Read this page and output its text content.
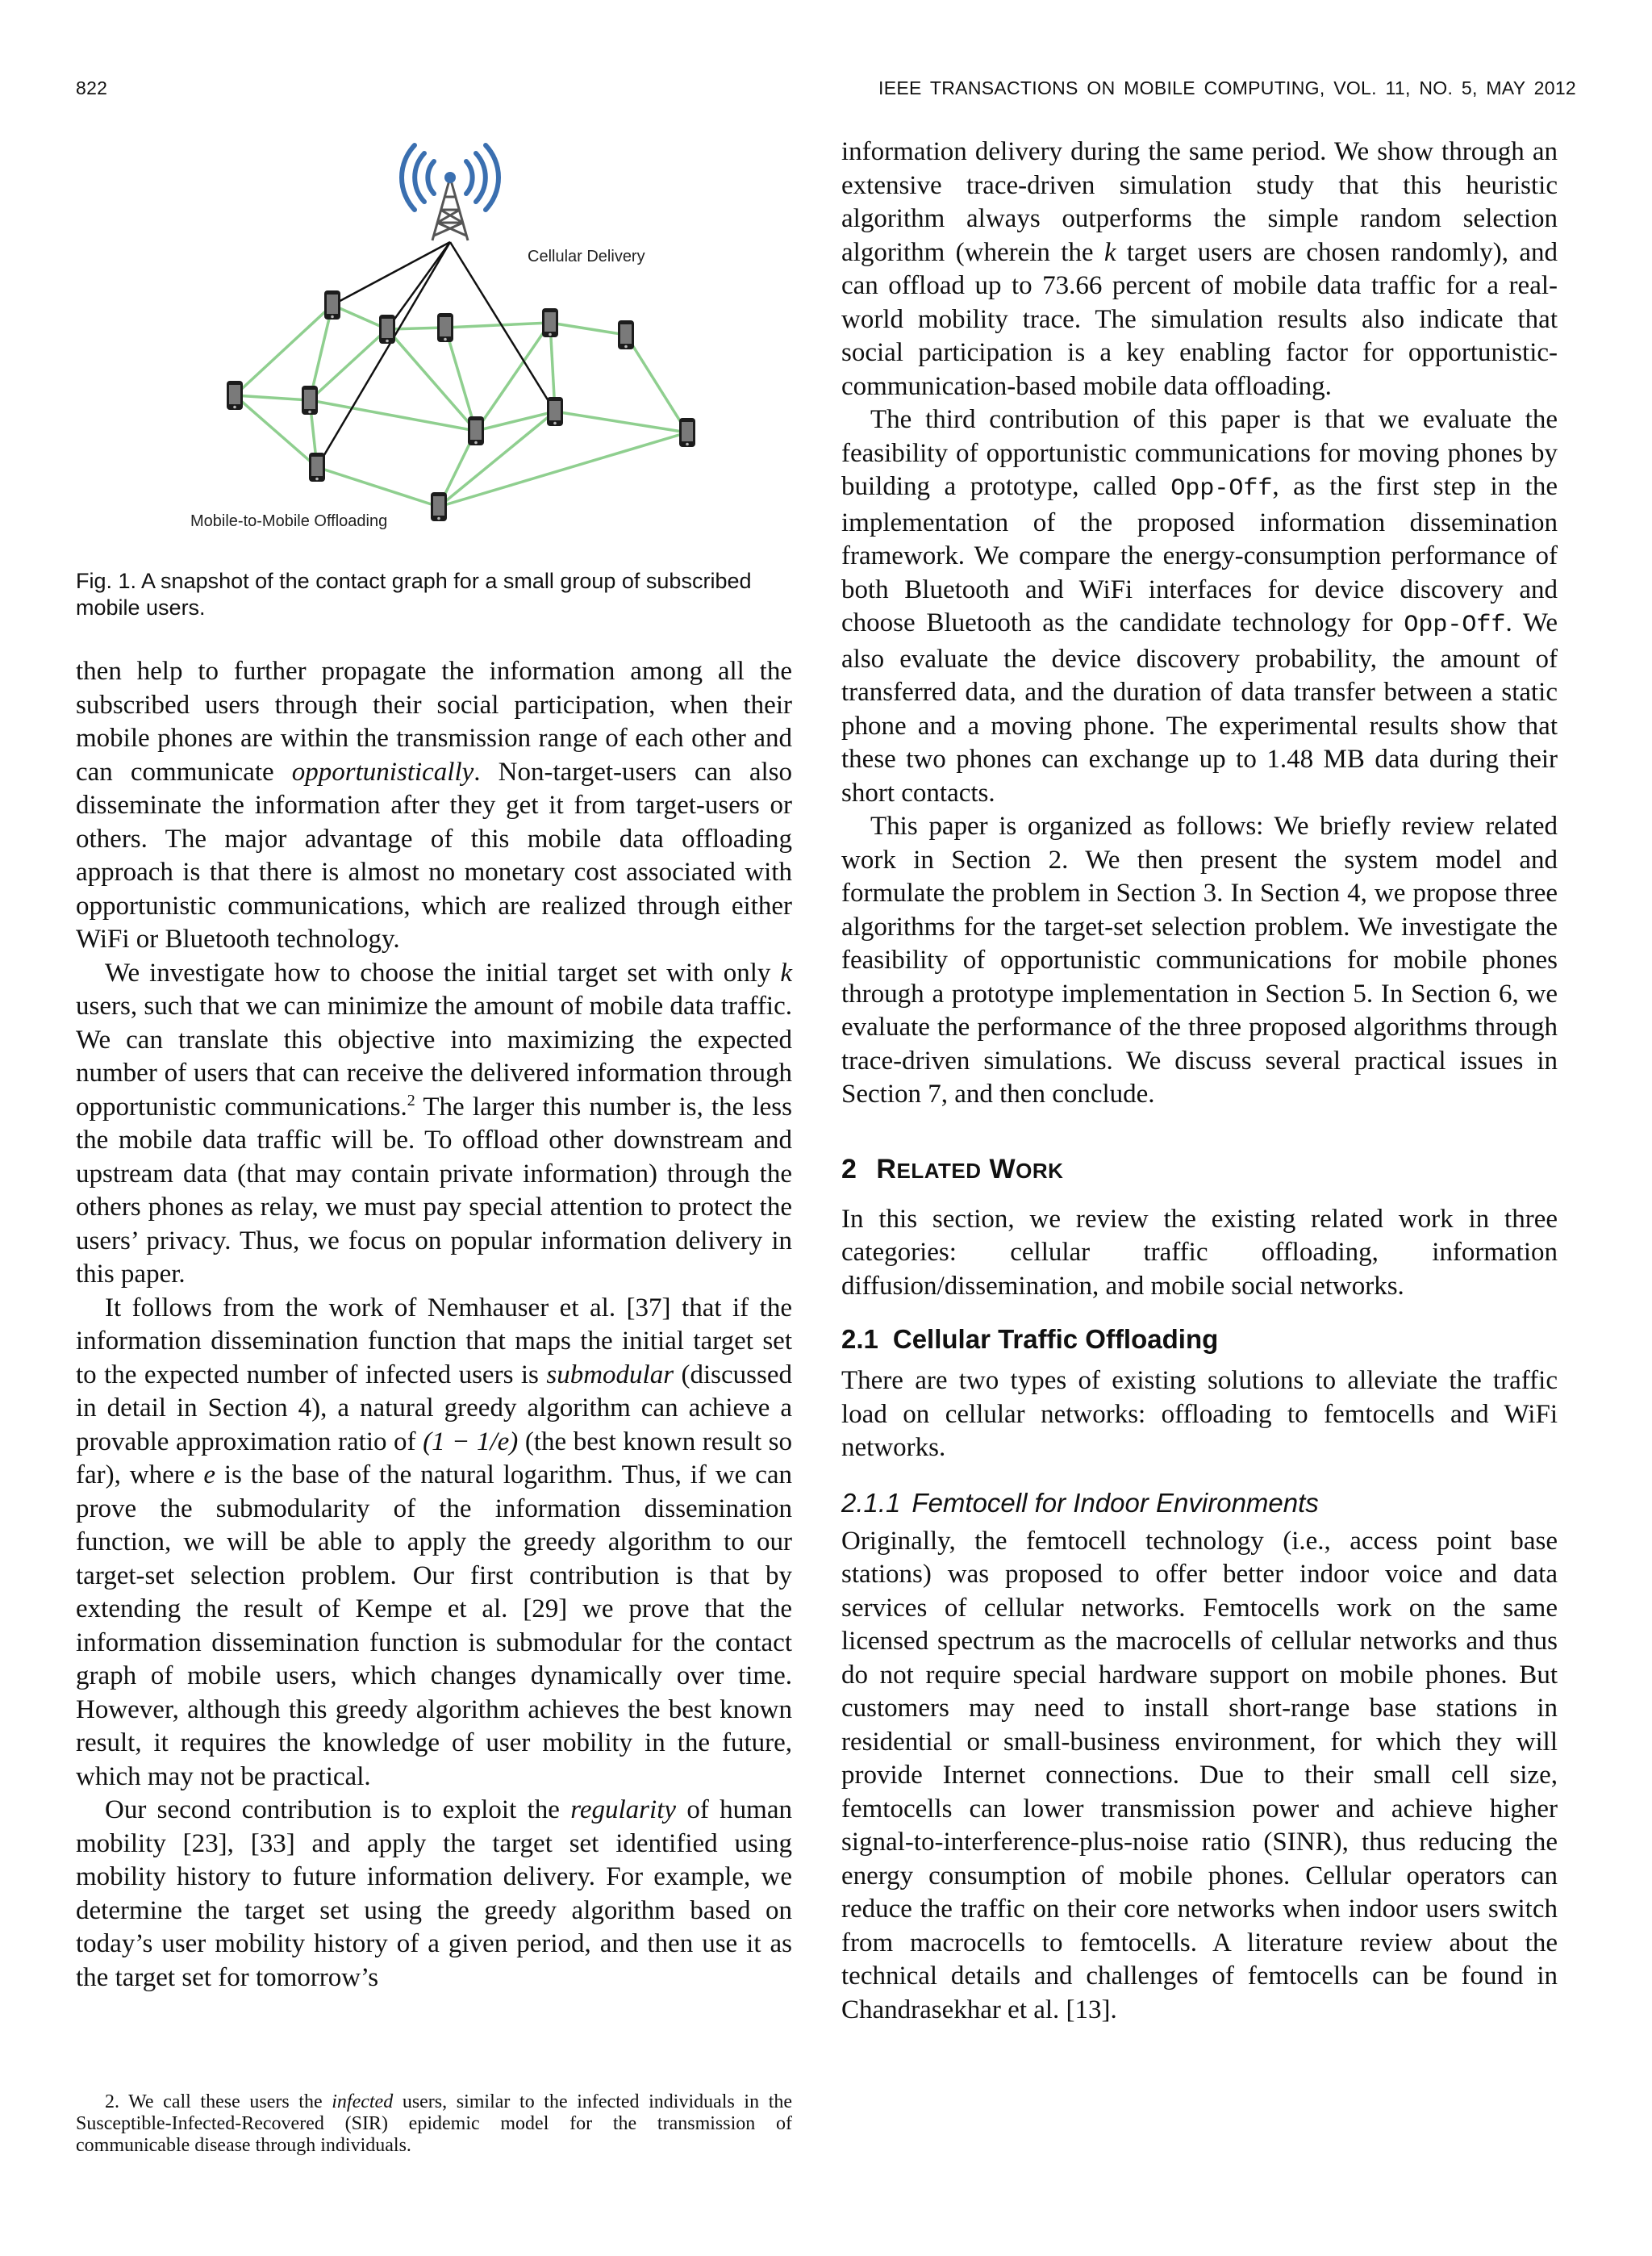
822	IEEE TRANSACTIONS ON MOBILE COMPUTING, VOL. 11, NO. 5, MAY 2012
Cellular Delivery
Mobile-to-Mobile Offloading
Fig. 1. A snapshot of the contact graph for a small group of subscribed mobile users.

then help to further propagate the information among all the subscribed users through their social participation, when their mobile phones are within the transmission range of each other and can communicate opportunistically. Non-target-users can also disseminate the information after they get it from target-users or others. The major advantage of this mobile data offloading approach is that there is almost no monetary cost associated with opportunistic communications, which are realized through either WiFi or Bluetooth technology.

We investigate how to choose the initial target set with only k users, such that we can minimize the amount of mobile data traffic. We can translate this objective into maximizing the expected number of users that can receive the delivered information through opportunistic communications.$^2$ The larger this number is, the less the mobile data traffic will be. To offload other downstream and upstream data (that may contain private information) through the others phones as relay, we must pay special attention to protect the users’ privacy. Thus, we focus on popular information delivery in this paper.

It follows from the work of Nemhauser et al. [37] that if the information dissemination function that maps the initial target set to the expected number of infected users is submodular (discussed in detail in Section 4), a natural greedy algorithm can achieve a provable approximation ratio of (1 − 1/e) (the best known result so far), where e is the base of the natural logarithm. Thus, if we can prove the submodularity of the information dissemination function, we will be able to apply the greedy algorithm to our target-set selection problem. Our first contribution is that by extending the result of Kempe et al. [29] we prove that the information dissemination function is submodular for the contact graph of mobile users, which changes dynamically over time. However, although this greedy algorithm achieves the best known result, it requires the knowledge of user mobility in the future, which may not be practical.

Our second contribution is to exploit the regularity of human mobility [23], [33] and apply the target set identified using mobility history to future information delivery. For example, we determine the target set using the greedy algorithm based on today’s user mobility history of a given period, and then use it as the target set for tomorrow’s

2. We call these users the infected users, similar to the infected individuals in the Susceptible-Infected-Recovered (SIR) epidemic model for the transmission of communicable disease through individuals.

information delivery during the same period. We show through an extensive trace-driven simulation study that this heuristic algorithm always outperforms the simple random selection algorithm (wherein the k target users are chosen randomly), and can offload up to 73.66 percent of mobile data traffic for a real-world mobility trace. The simulation results also indicate that social participation is a key enabling factor for opportunistic-communication-based mobile data offloading.

The third contribution of this paper is that we evaluate the feasibility of opportunistic communications for moving phones by building a prototype, called Opp-Off, as the first step in the implementation of the proposed information dissemination framework. We compare the energy-consumption performance of both Bluetooth and WiFi interfaces for device discovery and choose Bluetooth as the candidate technology for Opp-Off. We also evaluate the device discovery probability, the amount of transferred data, and the duration of data transfer between a static phone and a moving phone. The experimental results show that these two phones can exchange up to 1.48 MB data during their short contacts.

This paper is organized as follows: We briefly review related work in Section 2. We then present the system model and formulate the problem in Section 3. In Section 4, we propose three algorithms for the target-set selection problem. We investigate the feasibility of opportunistic communications for mobile phones through a prototype implementation in Section 5. In Section 6, we evaluate the performance of the three proposed algorithms through trace-driven simulations. We discuss several practical issues in Section 7, and then conclude.

2 RELATED WORK

In this section, we review the existing related work in three categories: cellular traffic offloading, information diffusion/dissemination, and mobile social networks.

2.1 Cellular Traffic Offloading

There are two types of existing solutions to alleviate the traffic load on cellular networks: offloading to femtocells and WiFi networks.

2.1.1 Femtocell for Indoor Environments

Originally, the femtocell technology (i.e., access point base stations) was proposed to offer better indoor voice and data services of cellular networks. Femtocells work on the same licensed spectrum as the macrocells of cellular networks and thus do not require special hardware support on mobile phones. But customers may need to install short-range base stations in residential or small-business environment, for which they will provide Internet connections. Due to their small cell size, femtocells can lower transmission power and achieve higher signal-to-interference-plus-noise ratio (SINR), thus reducing the energy consumption of mobile phones. Cellular operators can reduce the traffic on their core networks when indoor users switch from macrocells to femtocells. A literature review about the technical details and challenges of femtocells can be found in Chandrasekhar et al. [13].
